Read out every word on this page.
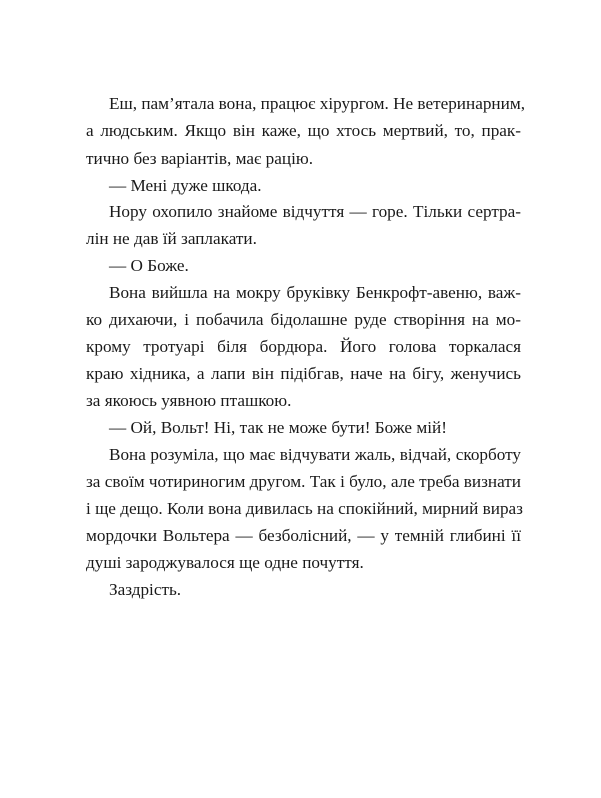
Еш, пам’ятала вона, працює хірургом. Не ветеринарним,
а людським. Якщо він каже, що хтось мертвий, то, прак-
тично без варіантів, має рацію.
— Мені дуже шкода.
Нору охопило знайоме відчуття — горе. Тільки сертра-
лін не дав їй заплакати.
— О Боже.
Вона вийшла на мокру бруківку Бенкрофт-авеню, важ-
ко дихаючи, і побачила бідолашне руде створіння на мо-
крому тротуарі біля бордюра. Його голова торкалася
краю хідника, а лапи він підібгав, наче на бігу, женучись
за якоюсь уявною пташкою.
— Ой, Вольт! Ні, так не може бути! Боже мій!
Вона розуміла, що має відчувати жаль, відчай, скорботу
за своїм чотириногим другом. Так і було, але треба визнати
і ще дещо. Коли вона дивилась на спокійний, мирний вираз
мордочки Вольтера — безболісний, — у темній глибині її
душі зароджувалося ще одне почуття.
Заздрість.
